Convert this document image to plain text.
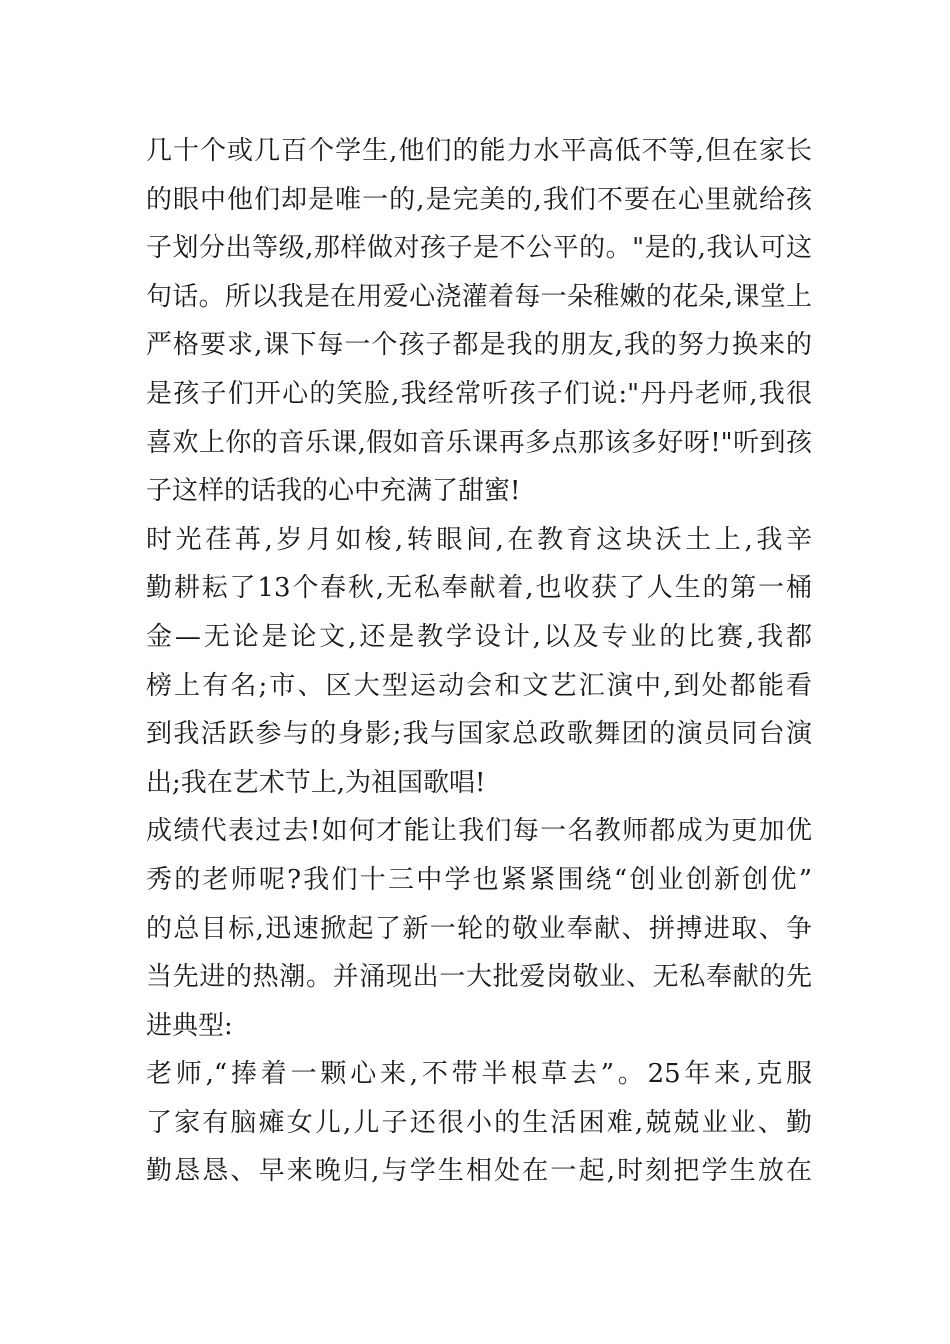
几十个或几百个学生,他们的能力水平高低不等,但在家长
的眼中他们却是唯一的,是完美的,我们不要在心里就给孩
子划分出等级,那样做对孩子是不公平的。"是的,我认可这
句话。所以我是在用爱心浇灌着每一朵稚嫩的花朵,课堂上
严格要求,课下每一个孩子都是我的朋友,我的努力换来的
是孩子们开心的笑脸,我经常听孩子们说:"丹丹老师,我很
喜欢上你的音乐课,假如音乐课再多点那该多好呀!"听到孩
子这样的话我的心中充满了甜蜜!
时光荏苒,岁月如梭,转眼间,在教育这块沃土上,我辛
勤耕耘了13个春秋,无私奉献着,也收获了人生的第一桶
金—无论是论文,还是教学设计,以及专业的比赛,我都
榜上有名;市、区大型运动会和文艺汇演中,到处都能看
到我活跃参与的身影;我与国家总政歌舞团的演员同台演
出;我在艺术节上,为祖国歌唱!
成绩代表过去!如何才能让我们每一名教师都成为更加优
秀的老师呢?我们十三中学也紧紧围绕“创业创新创优”
的总目标,迅速掀起了新一轮的敬业奉献、拼搏进取、争
当先进的热潮。并涌现出一大批爱岗敬业、无私奉献的先
进典型:
老师,“捧着一颗心来,不带半根草去”。25年来,克服
了家有脑瘫女儿,儿子还很小的生活困难,兢兢业业、勤
勤恳恳、早来晚归,与学生相处在一起,时刻把学生放在
